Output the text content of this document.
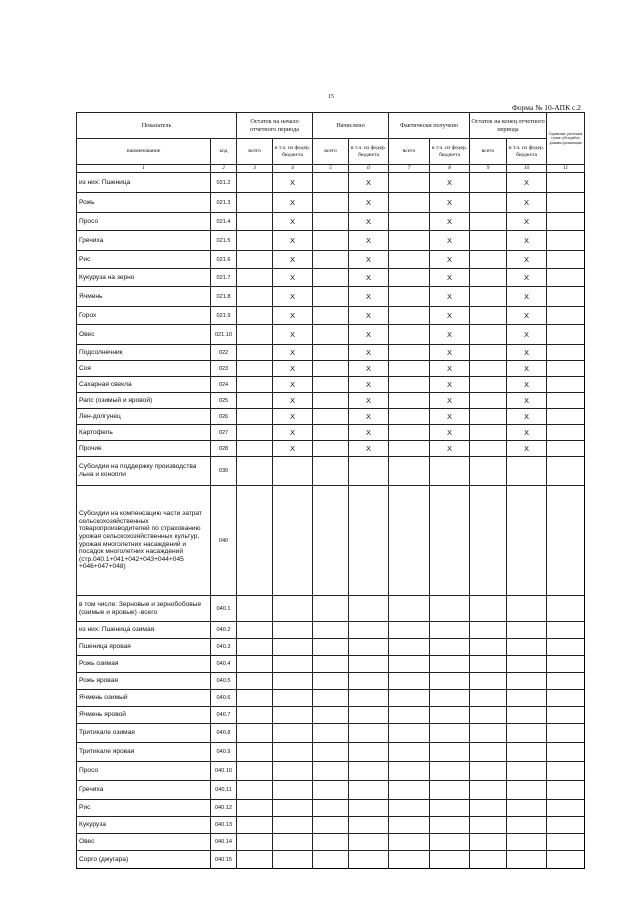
15
Форма № 10-АПК с.2
Показатель		Остаток на начало отчетного периода		Начислено		Фактически получено		Остаток на конец отчетного периода		Справочно: расчетная сумма субсидий по данным организации
наименование	код	всего	в т.ч. из федер. бюджета	всего	в т.ч. из федер. бюджета	всего	в т.ч. из федер. бюджета	всего	в т.ч. из федер. бюджета	
1	2	3	4	5	6	7	8	9	10	11
из них: Пшеница	021.2		X		X		X		X	
Рожь	021.3		X		X		X		X	
Просо	021.4		X		X		X		X	
Гречиха	021.5		X		X		X		X	
Рис	021.6		X		X		X		X	
Кукуруза на зерно	021.7		X		X		X		X	
Ячмень	021.8		X		X		X		X	
Горох	021.9		X		X		X		X	
Овес	021.10		X		X		X		X	
Подсолнечник	022		X		X		X		X	
Соя	023		X		X		X		X	
Сахарная свекла	024		X		X		X		X	
Рапс (озимый и яровой)	025		X		X		X		X	
Лен-долгунец	026		X		X		X		X	
Картофель	027		X		X		X		X	
Прочие	028		X		X		X		X	
Субсидии на поддержку производства льна и конопли	030									
Субсидии на компенсацию части затрат сельскохозяйственных товаропроизводителей по страхованию урожая сельскохозяйственных культур, урожая многолетних насаждений и посадок многолетних насаждений (стр.040.1+041+042+043+044+045 +046+047+048)	040									
в том числе: Зерновые и зернобобовые (озимые и яровые) -всего	040.1									
из них: Пшеница озимая	040.2									
Пшеница яровая	040.3									
Рожь озимая	040.4									
Рожь яровая	040.5									
Ячмень озимый	040.6									
Ячмень яровой	040.7									
Тритикале озимая	040.8									
Тритикале яровая	040.9									
Просо	040.10									
Гречиха	040.11									
Рис	040.12									
Кукуруза	040.13									
Овес	040.14									
Сорго (джугара)	040.15									
